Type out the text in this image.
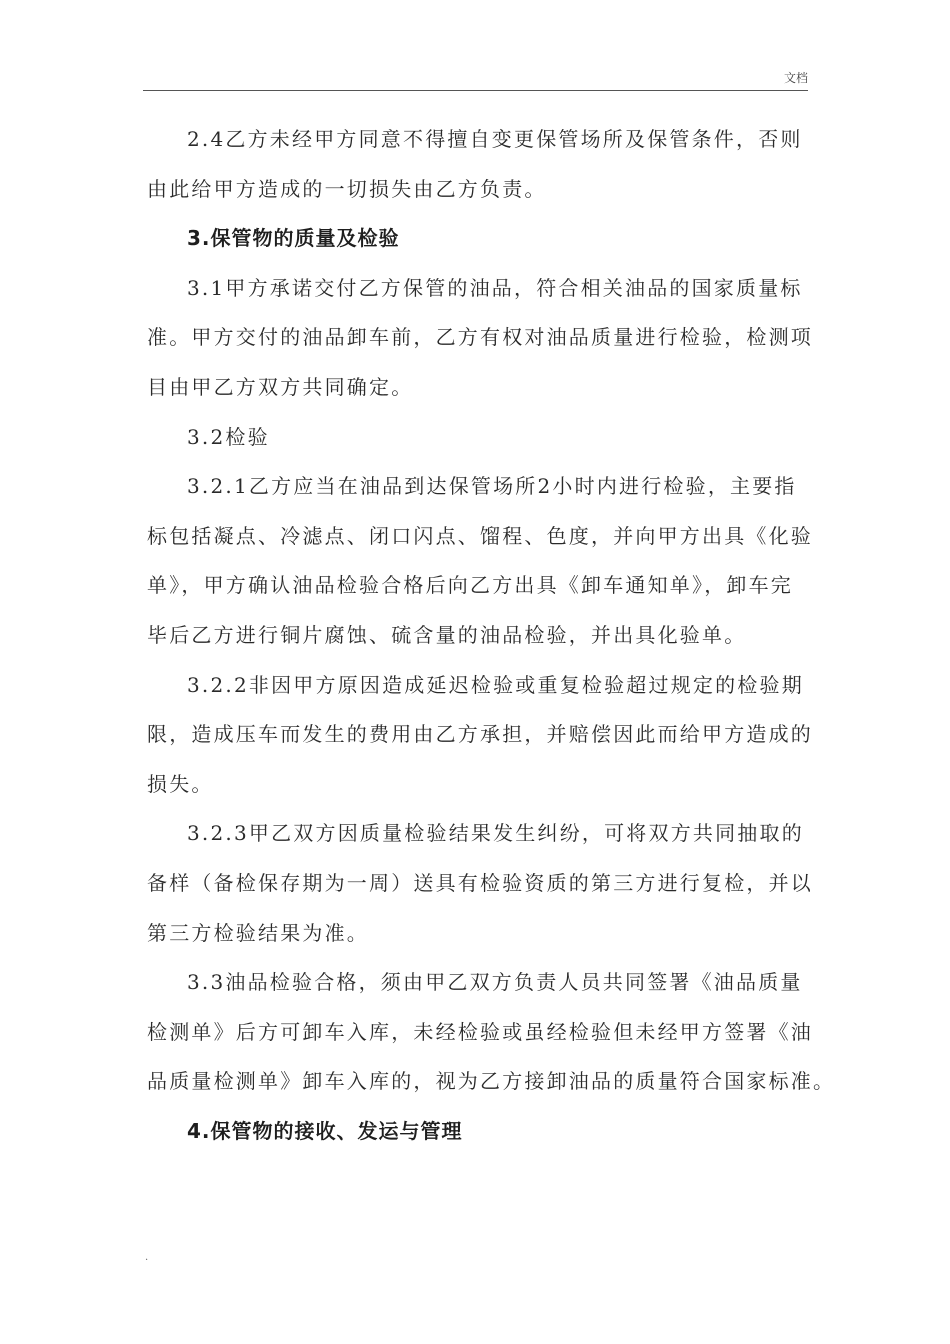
文档
2.4乙方未经甲方同意不得擅自变更保管场所及保管条件，否则
由此给甲方造成的一切损失由乙方负责。
3.保管物的质量及检验
3.1甲方承诺交付乙方保管的油品，符合相关油品的国家质量标
准。甲方交付的油品卸车前，乙方有权对油品质量进行检验，检测项
目由甲乙方双方共同确定。
3.2检验
3.2.1乙方应当在油品到达保管场所2小时内进行检验，主要指
标包括凝点、冷滤点、闭口闪点、馏程、色度，并向甲方出具《化验
单》，甲方确认油品检验合格后向乙方出具《卸车通知单》，卸车完
毕后乙方进行铜片腐蚀、硫含量的油品检验，并出具化验单。
3.2.2非因甲方原因造成延迟检验或重复检验超过规定的检验期
限，造成压车而发生的费用由乙方承担，并赔偿因此而给甲方造成的
损失。
3.2.3甲乙双方因质量检验结果发生纠纷，可将双方共同抽取的
备样（备检保存期为一周）送具有检验资质的第三方进行复检，并以
第三方检验结果为准。
3.3油品检验合格，须由甲乙双方负责人员共同签署《油品质量
检测单》后方可卸车入库，未经检验或虽经检验但未经甲方签署《油
品质量检测单》卸车入库的，视为乙方接卸油品的质量符合国家标准。
4.保管物的接收、发运与管理
.
